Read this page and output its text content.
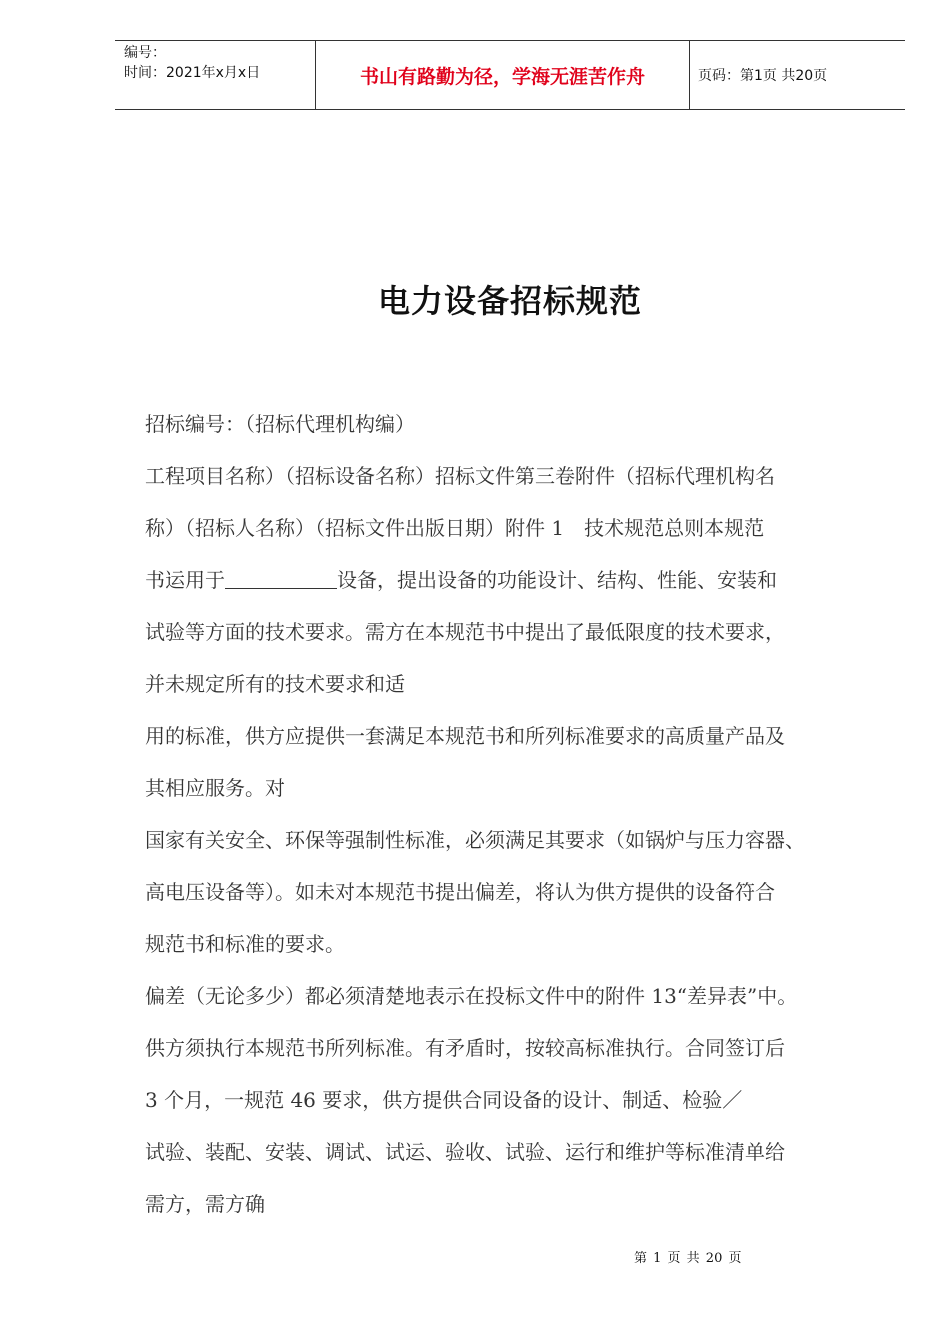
编号：
时间：2021年x月x日	书山有路勤为径，学海无涯苦作舟	页码：第1页 共20页
电力设备招标规范
招标编号：（招标代理机构编）
工程项目名称）（招标设备名称）招标文件第三卷附件（招标代理机构名
称）（招标人名称）（招标文件出版日期）附件 1　技术规范总则本规范
书运用于	设备，提出设备的功能设计、结构、性能、安装和
试验等方面的技术要求。需方在本规范书中提出了最低限度的技术要求，
并未规定所有的技术要求和适
用的标准，供方应提供一套满足本规范书和所列标准要求的高质量产品及
其相应服务。对
国家有关安全、环保等强制性标准，必须满足其要求（如锅炉与压力容器、
高电压设备等）。如未对本规范书提出偏差，将认为供方提供的设备符合
规范书和标准的要求。
偏差（无论多少）都必须清楚地表示在投标文件中的附件 13“差异表”中。
供方须执行本规范书所列标准。有矛盾时，按较高标准执行。合同签订后
3 个月，一规范 46 要求，供方提供合同设备的设计、制适、检验／
试验、装配、安装、调试、试运、验收、试验、运行和维护等标准清单给
需方，需方确
第 1 页 共 20 页
